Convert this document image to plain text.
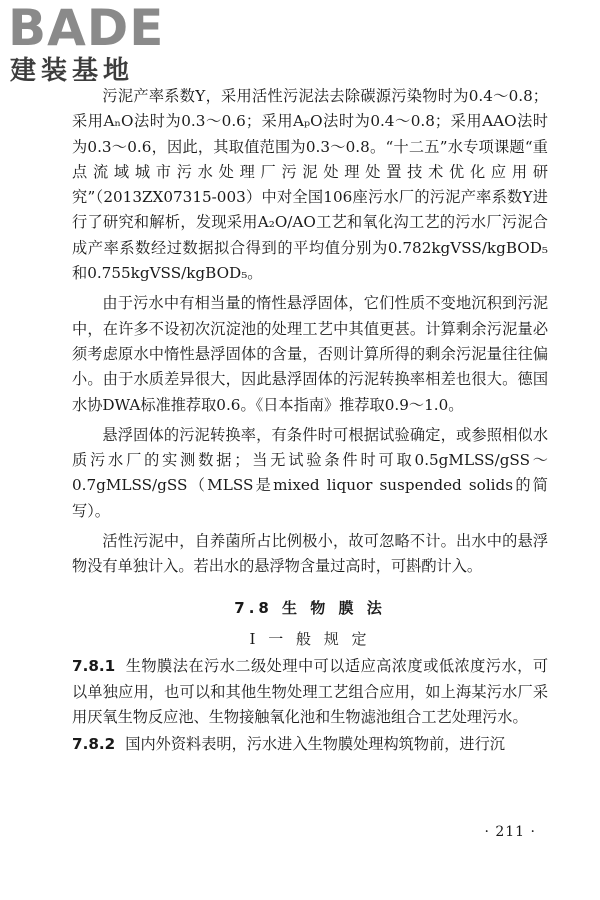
BADE
建装基地

污泥产率系数Y，采用活性污泥法去除碳源污染物时为0.4～0.8；采用AₙO法时为0.3～0.6；采用AₚO法时为0.4～0.8；采用AAO法时为0.3～0.6，因此，其取值范围为0.3～0.8。“十二五”水专项课题“重点流域城市污水处理厂污泥处理处置技术优化应用研究”（2013ZX07315-003）中对全国106座污水厂的污泥产率系数Y进行了研究和解析，发现采用A₂O/AO工艺和氧化沟工艺的污水厂污泥合成产率系数经过数据拟合得到的平均值分别为0.782kgVSS/kgBOD₅和0.755kgVSS/kgBOD₅。

由于污水中有相当量的惰性悬浮固体，它们性质不变地沉积到污泥中，在许多不设初次沉淀池的处理工艺中其值更甚。计算剩余污泥量必须考虑原水中惰性悬浮固体的含量，否则计算所得的剩余污泥量往往偏小。由于水质差异很大，因此悬浮固体的污泥转换率相差也很大。德国水协DWA标准推荐取0.6。《日本指南》推荐取0.9～1.0。

悬浮固体的污泥转换率，有条件时可根据试验确定，或参照相似水质污水厂的实测数据；当无试验条件时可取0.5gMLSS/gSS～0.7gMLSS/gSS（MLSS是mixed liquor suspended solids的简写）。

活性污泥中，自养菌所占比例极小，故可忽略不计。出水中的悬浮物没有单独计入。若出水的悬浮物含量过高时，可斟酌计入。

7.8 生 物 膜 法
Ⅰ 一 般 规 定

7.8.1 生物膜法在污水二级处理中可以适应高浓度或低浓度污水，可以单独应用，也可以和其他生物处理工艺组合应用，如上海某污水厂采用厌氧生物反应池、生物接触氧化池和生物滤池组合工艺处理污水。

7.8.2 国内外资料表明，污水进入生物膜处理构筑物前，进行沉

· 211 ·
